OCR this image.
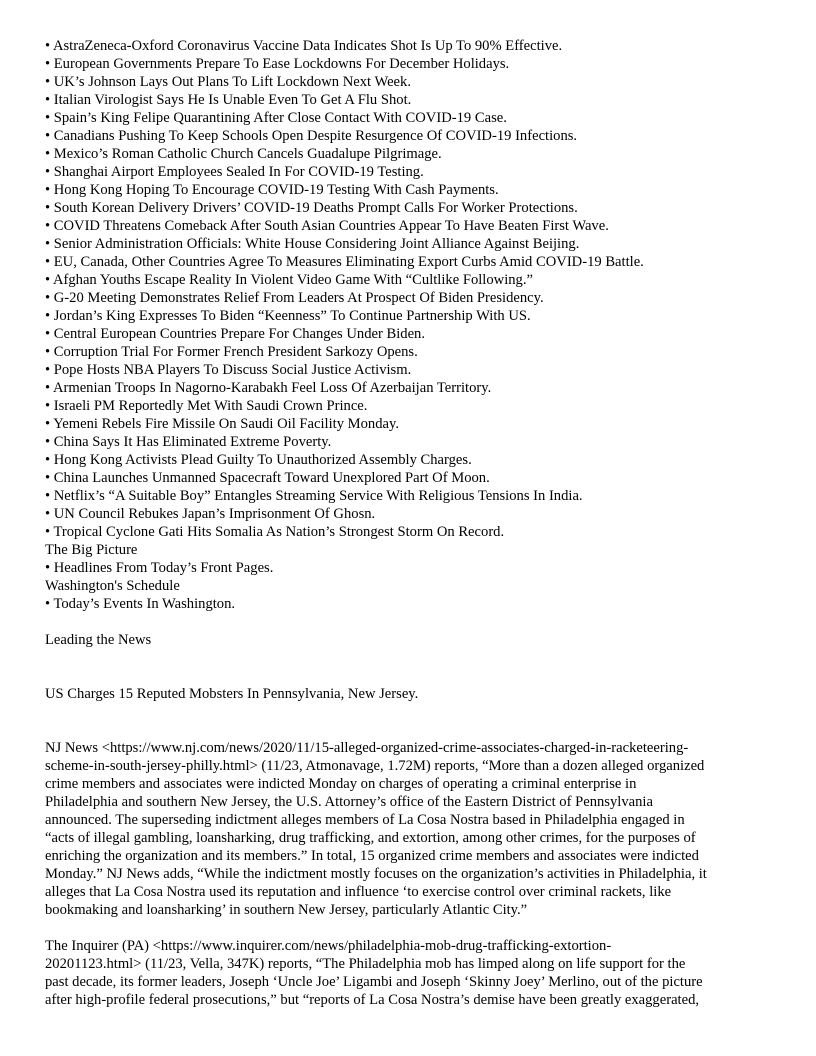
• AstraZeneca-Oxford Coronavirus Vaccine Data Indicates Shot Is Up To 90% Effective.
• European Governments Prepare To Ease Lockdowns For December Holidays.
• UK’s Johnson Lays Out Plans To Lift Lockdown Next Week.
• Italian Virologist Says He Is Unable Even To Get A Flu Shot.
• Spain’s King Felipe Quarantining After Close Contact With COVID-19 Case.
• Canadians Pushing To Keep Schools Open Despite Resurgence Of COVID-19 Infections.
• Mexico’s Roman Catholic Church Cancels Guadalupe Pilgrimage.
• Shanghai Airport Employees Sealed In For COVID-19 Testing.
• Hong Kong Hoping To Encourage COVID-19 Testing With Cash Payments.
• South Korean Delivery Drivers’ COVID-19 Deaths Prompt Calls For Worker Protections.
• COVID Threatens Comeback After South Asian Countries Appear To Have Beaten First Wave.
• Senior Administration Officials: White House Considering Joint Alliance Against Beijing.
• EU, Canada, Other Countries Agree To Measures Eliminating Export Curbs Amid COVID-19 Battle.
• Afghan Youths Escape Reality In Violent Video Game With “Cultlike Following.”
• G-20 Meeting Demonstrates Relief From Leaders At Prospect Of Biden Presidency.
• Jordan’s King Expresses To Biden “Keenness” To Continue Partnership With US.
• Central European Countries Prepare For Changes Under Biden.
• Corruption Trial For Former French President Sarkozy Opens.
• Pope Hosts NBA Players To Discuss Social Justice Activism.
• Armenian Troops In Nagorno-Karabakh Feel Loss Of Azerbaijan Territory.
• Israeli PM Reportedly Met With Saudi Crown Prince.
• Yemeni Rebels Fire Missile On Saudi Oil Facility Monday.
• China Says It Has Eliminated Extreme Poverty.
• Hong Kong Activists Plead Guilty To Unauthorized Assembly Charges.
• China Launches Unmanned Spacecraft Toward Unexplored Part Of Moon.
• Netflix’s “A Suitable Boy” Entangles Streaming Service With Religious Tensions In India.
• UN Council Rebukes Japan’s Imprisonment Of Ghosn.
• Tropical Cyclone Gati Hits Somalia As Nation’s Strongest Storm On Record.
The Big Picture
• Headlines From Today’s Front Pages.
Washington's Schedule
• Today’s Events In Washington.
Leading the News
US Charges 15 Reputed Mobsters In Pennsylvania, New Jersey.
NJ News <https://www.nj.com/news/2020/11/15-alleged-organized-crime-associates-charged-in-racketeering-
scheme-in-south-jersey-philly.html> (11/23, Atmonavage, 1.72M) reports, “More than a dozen alleged organized
crime members and associates were indicted Monday on charges of operating a criminal enterprise in
Philadelphia and southern New Jersey, the U.S. Attorney’s office of the Eastern District of Pennsylvania
announced. The superseding indictment alleges members of La Cosa Nostra based in Philadelphia engaged in
“acts of illegal gambling, loansharking, drug trafficking, and extortion, among other crimes, for the purposes of
enriching the organization and its members.” In total, 15 organized crime members and associates were indicted
Monday.” NJ News adds, “While the indictment mostly focuses on the organization’s activities in Philadelphia, it
alleges that La Cosa Nostra used its reputation and influence ‘to exercise control over criminal rackets, like
bookmaking and loansharking’ in southern New Jersey, particularly Atlantic City.”
The Inquirer (PA) <https://www.inquirer.com/news/philadelphia-mob-drug-trafficking-extortion-
20201123.html> (11/23, Vella, 347K) reports, “The Philadelphia mob has limped along on life support for the
past decade, its former leaders, Joseph ‘Uncle Joe’ Ligambi and Joseph ‘Skinny Joey’ Merlino, out of the picture
after high-profile federal prosecutions,” but “reports of La Cosa Nostra’s demise have been greatly exaggerated,
